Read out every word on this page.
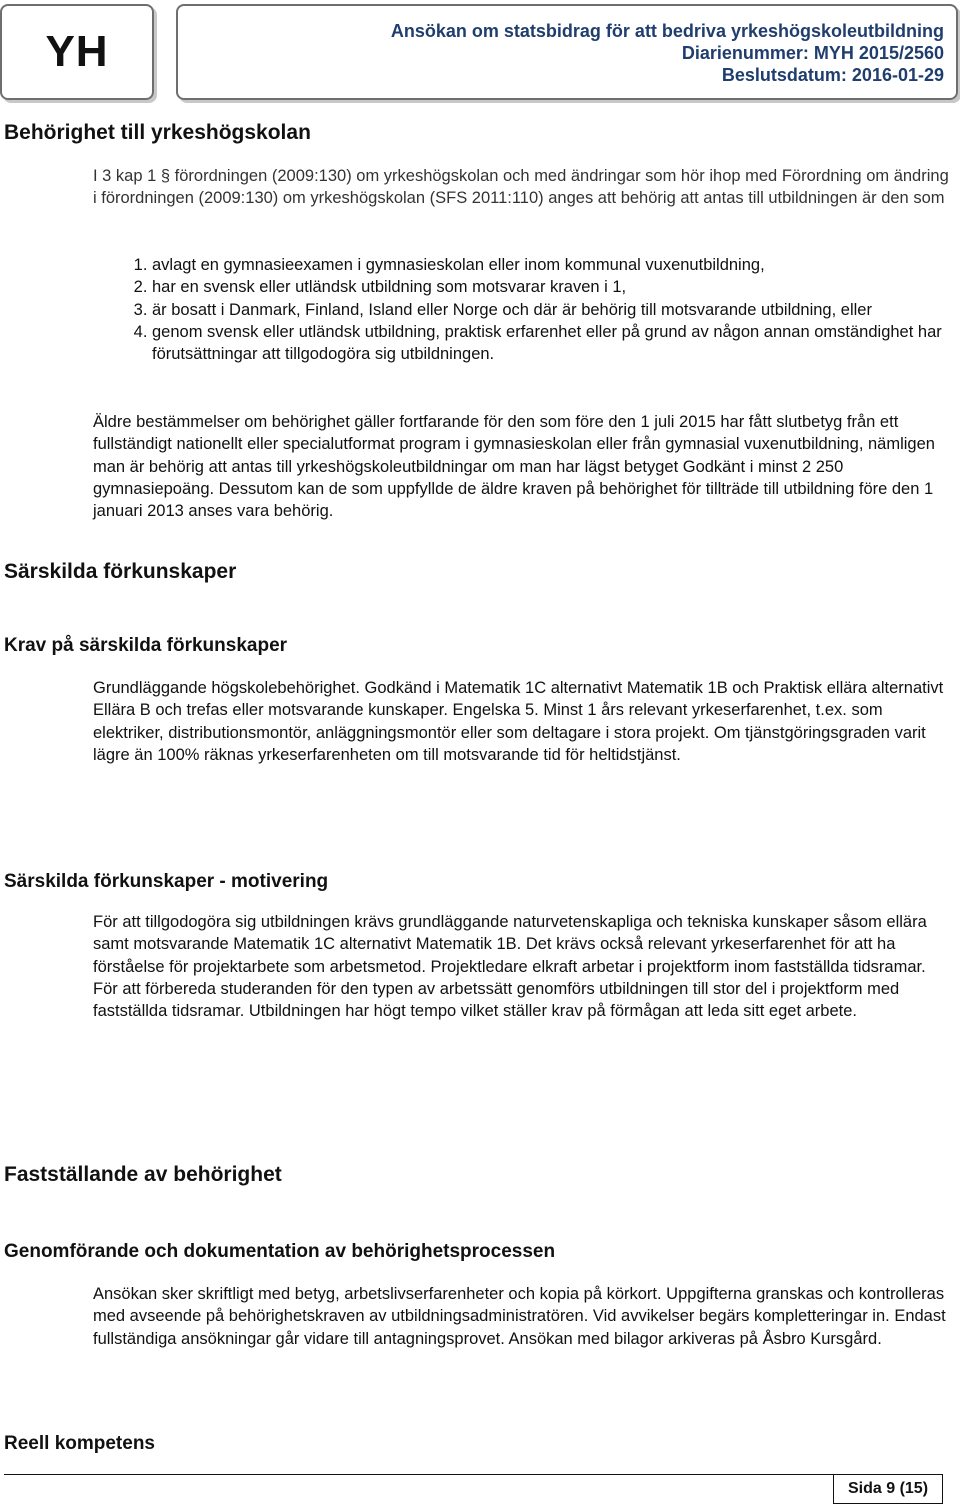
YH	Ansökan om statsbidrag för att bedriva yrkeshögskoleutbildning
Diarienummer: MYH 2015/2560
Beslutsdatum: 2016-01-29
Behörighet till yrkeshögskolan

I 3 kap 1 § förordningen (2009:130) om yrkeshögskolan och med ändringar som hör ihop med Förordning om ändring i förordningen (2009:130) om yrkeshögskolan (SFS 2011:110) anges att behörig att antas till utbildningen är den som

1. avlagt en gymnasieexamen i gymnasieskolan eller inom kommunal vuxenutbildning,
2. har en svensk eller utländsk utbildning som motsvarar kraven i 1,
3. är bosatt i Danmark, Finland, Island eller Norge och där är behörig till motsvarande utbildning, eller
4. genom svensk eller utländsk utbildning, praktisk erfarenhet eller på grund av någon annan omständighet har förutsättningar att tillgodogöra sig utbildningen.

Äldre bestämmelser om behörighet gäller fortfarande för den som före den 1 juli 2015 har fått slutbetyg från ett fullständigt nationellt eller specialutformat program i gymnasieskolan eller från gymnasial vuxenutbildning, nämligen man är behörig att antas till yrkeshögskoleutbildningar om man har lägst betyget Godkänt i minst 2 250 gymnasiepoäng. Dessutom kan de som uppfyllde de äldre kraven på behörighet för tillträde till utbildning före den 1 januari 2013 anses vara behörig.

Särskilda förkunskaper
Krav på särskilda förkunskaper

Grundläggande högskolebehörighet. Godkänd i Matematik 1C alternativt Matematik 1B och Praktisk ellära alternativt Ellära B och trefas eller motsvarande kunskaper. Engelska 5. Minst 1 års relevant yrkeserfarenhet, t.ex. som elektriker, distributionsmontör, anläggningsmontör eller som deltagare i stora projekt. Om tjänstgöringsgraden varit lägre än 100% räknas yrkeserfarenheten om till motsvarande tid för heltidstjänst.

Särskilda förkunskaper - motivering

För att tillgodogöra sig utbildningen krävs grundläggande naturvetenskapliga och tekniska kunskaper såsom ellära samt motsvarande Matematik 1C alternativt Matematik 1B. Det krävs också relevant yrkeserfarenhet för att ha förståelse för projektarbete som arbetsmetod. Projektledare elkraft arbetar i projektform inom fastställda tidsramar. För att förbereda studeranden för den typen av arbetssätt genomförs utbildningen till stor del i projektform med fastställda tidsramar. Utbildningen har högt tempo vilket ställer krav på förmågan att leda sitt eget arbete.

Fastställande av behörighet
Genomförande och dokumentation av behörighetsprocessen

Ansökan sker skriftligt med betyg, arbetslivserfarenheter och kopia på körkort. Uppgifterna granskas och kontrolleras med avseende på behörighetskraven av utbildningsadministratören. Vid avvikelser begärs kompletteringar in. Endast fullständiga ansökningar går vidare till antagningsprovet. Ansökan med bilagor arkiveras på Åsbro Kursgård.

Reell kompetens
Sida 9 (15)
